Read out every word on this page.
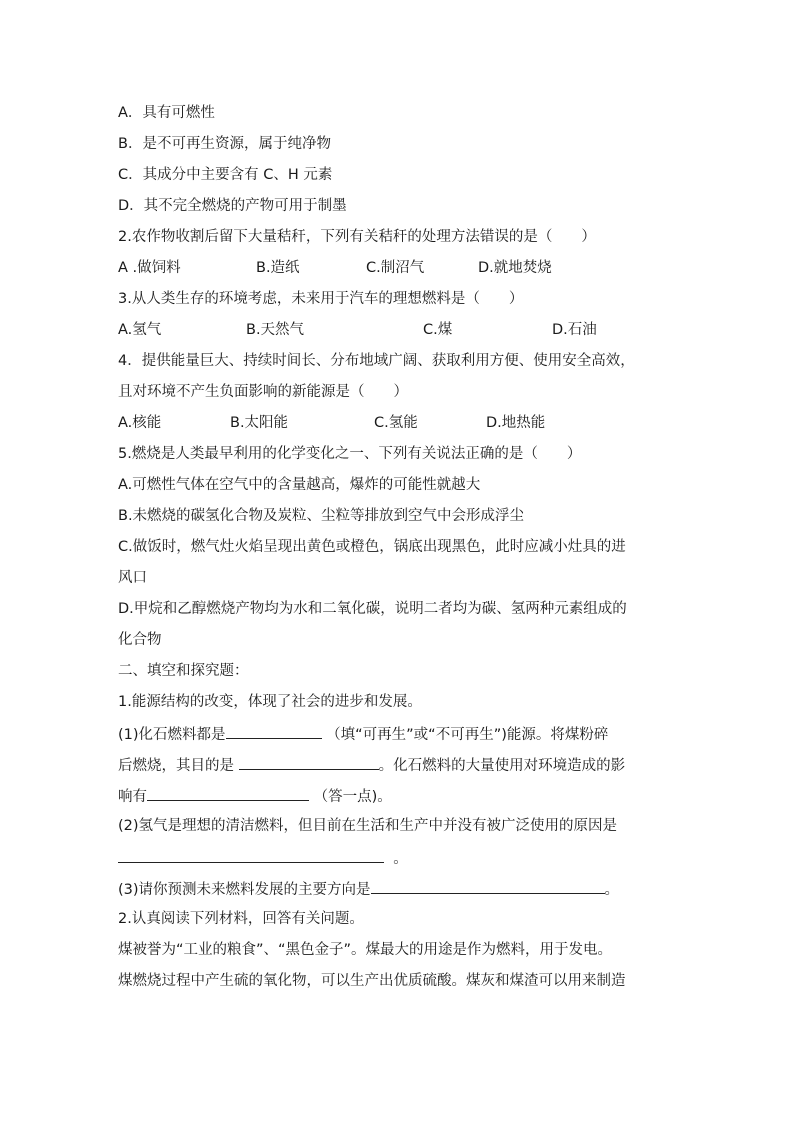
A．具有可燃性
B．是不可再生资源，属于纯净物
C．其成分中主要含有 C、H 元素
D．其不完全燃烧的产物可用于制墨
2.农作物收割后留下大量秸秆，下列有关秸秆的处理方法错误的是（　　）
A .做饲料	B.造纸	C.制沼气	D.就地焚烧
3.从人类生存的环境考虑，未来用于汽车的理想燃料是（　　）
A.氢气	B.天然气	C.煤	D.石油
4．提供能量巨大、持续时间长、分布地域广阔、获取利用方便、使用安全高效，
且对环境不产生负面影响的新能源是（　　）
A.核能	B.太阳能	C.氢能	D.地热能
5.燃烧是人类最早利用的化学变化之一、下列有关说法正确的是（　　）
A.可燃性气体在空气中的含量越高，爆炸的可能性就越大
B.未燃烧的碳氢化合物及炭粒、尘粒等排放到空气中会形成浮尘
C.做饭时，燃气灶火焰呈现出黄色或橙色，锅底出现黑色，此时应减小灶具的进
风口
D.甲烷和乙醇燃烧产物均为水和二氧化碳，说明二者均为碳、氢两种元素组成的
化合物
二、填空和探究题：
1.能源结构的改变，体现了社会的进步和发展。
(1)化石燃料都是	（填“可再生”或“不可再生”)能源。将煤粉碎
后燃烧，其目的是	。化石燃料的大量使用对环境造成的影
响有	（答一点)。
(2)氢气是理想的清洁燃料，但目前在生活和生产中并没有被广泛使用的原因是
。
(3)请你预测未来燃料发展的主要方向是	。
2.认真阅读下列材料，回答有关问题。
煤被誉为“工业的粮食”、“黑色金子”。煤最大的用途是作为燃料，用于发电。
煤燃烧过程中产生硫的氧化物，可以生产出优质硫酸。煤灰和煤渣可以用来制造
